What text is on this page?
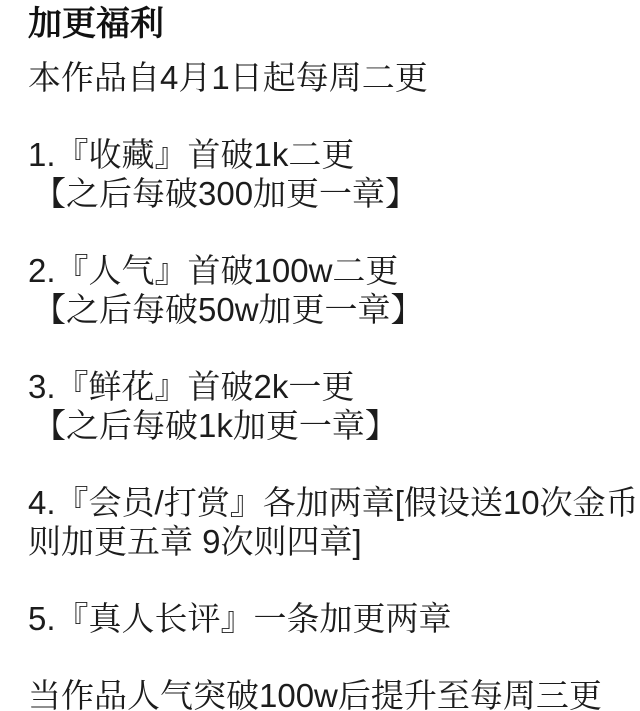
加更福利

本作品自4月1日起每周二更

1.『收藏』首破1k二更
【之后每破300加更一章】
2.『人气』首破100w二更
【之后每破50w加更一章】
3.『鲜花』首破2k一更
【之后每破1k加更一章】
4.『会员/打赏』各加两章[假设送10次金币
则加更五章 9次则四章]
5.『真人长评』一条加更两章

当作品人气突破100w后提升至每周三更
